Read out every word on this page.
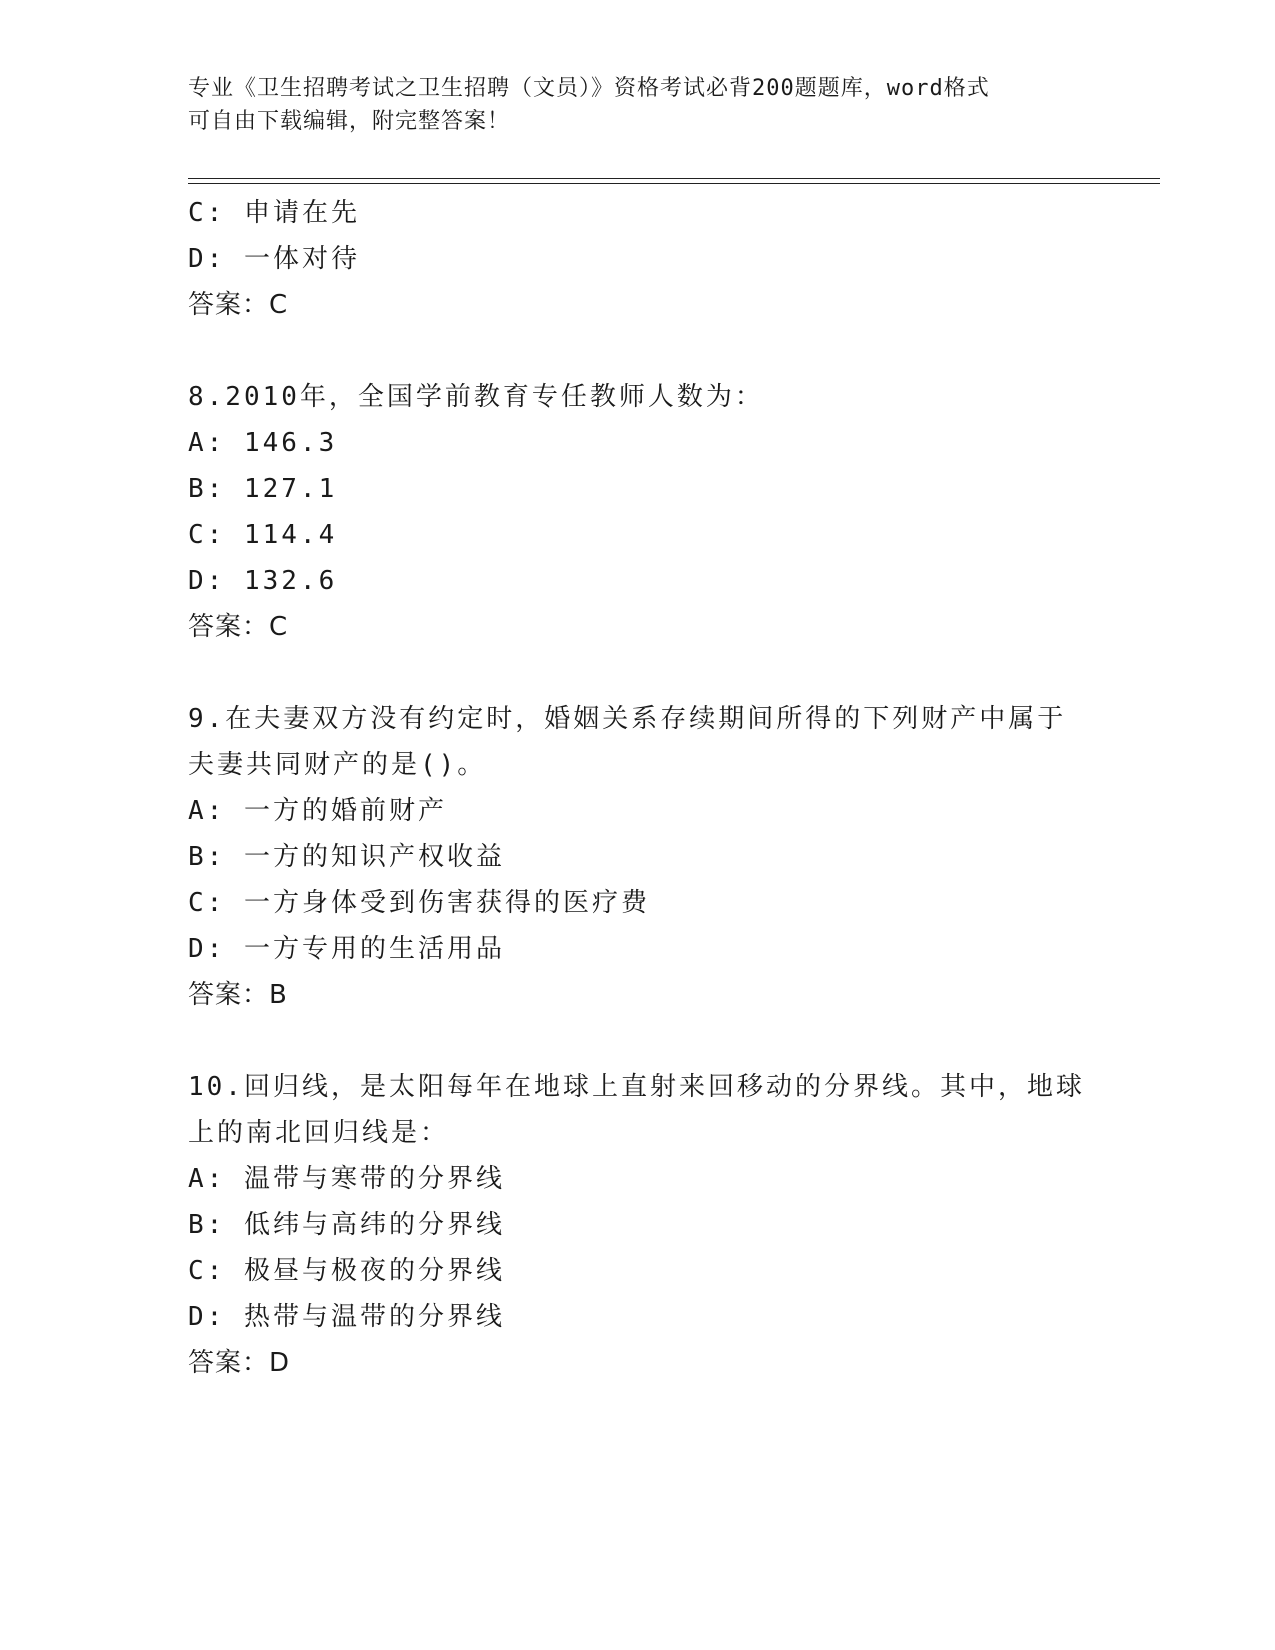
专业《卫生招聘考试之卫生招聘（文员）》资格考试必背200题题库，word格式
可自由下载编辑，附完整答案！
C: 申请在先
D: 一体对待
答案：C
8.2010年，全国学前教育专任教师人数为：
A: 146.3
B: 127.1
C: 114.4
D: 132.6
答案：C
9.在夫妻双方没有约定时，婚姻关系存续期间所得的下列财产中属于
夫妻共同财产的是()。
A: 一方的婚前财产
B: 一方的知识产权收益
C: 一方身体受到伤害获得的医疗费
D: 一方专用的生活用品
答案：B
10.回归线，是太阳每年在地球上直射来回移动的分界线。其中，地球
上的南北回归线是：
A: 温带与寒带的分界线
B: 低纬与高纬的分界线
C: 极昼与极夜的分界线
D: 热带与温带的分界线
答案：D
